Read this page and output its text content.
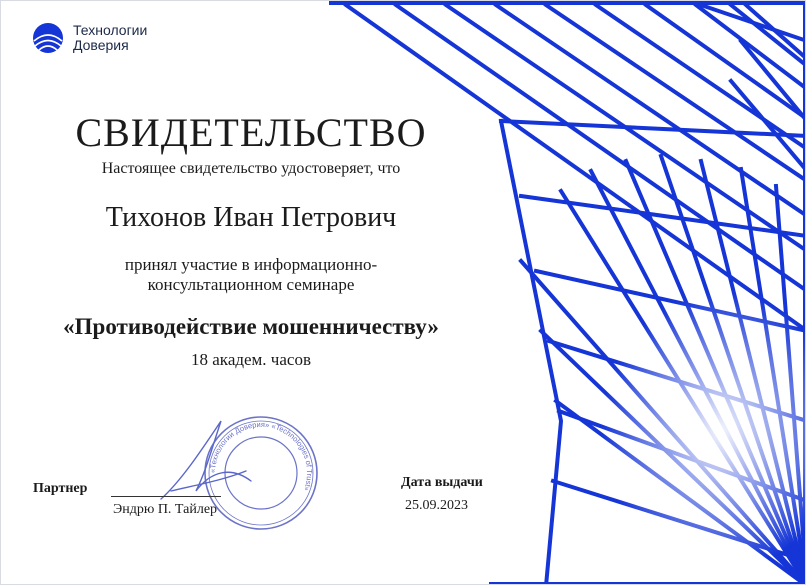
Технологии
Доверия
СВИДЕТЕЛЬСТВО
Настоящее свидетельство удостоверяет, что
Тихонов Иван Петрович
принял участие в информационно-
консультационном семинаре
«Противодействие мошенничеству»
18 академ. часов
«Технологии Доверия» «Technologies of Trust»
Партнер
Эндрю П. Тайлер
Дата выдачи
25.09.2023
